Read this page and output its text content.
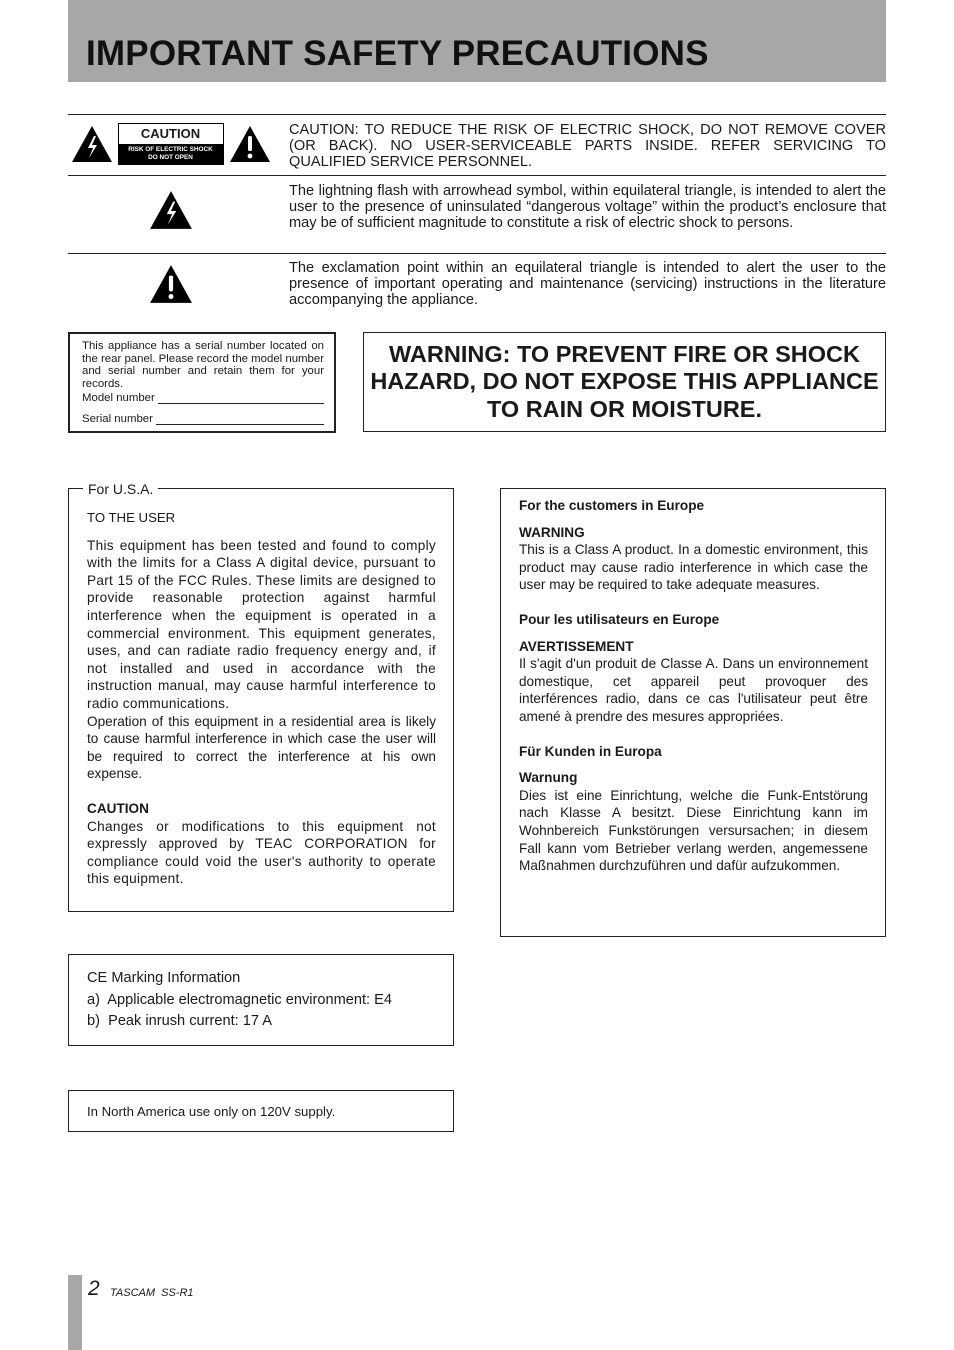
IMPORTANT SAFETY PRECAUTIONS
CAUTION
RISK OF ELECTRIC SHOCK
DO NOT OPEN

CAUTION: TO REDUCE THE RISK OF ELECTRIC SHOCK, DO NOT REMOVE COVER (OR BACK). NO USER-SERVICEABLE PARTS INSIDE. REFER SERVICING TO QUALIFIED SERVICE PERSONNEL.

The lightning flash with arrowhead symbol, within equilateral triangle, is intended to alert the user to the presence of uninsulated “dangerous voltage” within the product’s enclosure that may be of sufficient magnitude to constitute a risk of electric shock to persons.

The exclamation point within an equilateral triangle is intended to alert the user to the presence of important operating and maintenance (servicing) instructions in the literature accompanying the appliance.

This appliance has a serial number located on the rear panel. Please record the model number and serial number and retain them for your records.

Model number
Serial number

WARNING: TO PREVENT FIRE OR SHOCK HAZARD, DO NOT EXPOSE THIS APPLIANCE TO RAIN OR MOISTURE.

For U.S.A.

TO THE USER

This equipment has been tested and found to comply with the limits for a Class A digital device, pursuant to Part 15 of the FCC Rules. These limits are designed to provide reasonable protection against harmful interference when the equipment is operated in a commercial environment. This equipment generates, uses, and can radiate radio frequency energy and, if not installed and used in accordance with the instruction manual, may cause harmful interference to radio communications.

Operation of this equipment in a residential area is likely to cause harmful interference in which case the user will be required to correct the interference at his own expense.

CAUTION

Changes or modifications to this equipment not expressly approved by TEAC CORPORATION for compliance could void the user's authority to operate this equipment.

For the customers in Europe

WARNING

This is a Class A product. In a domestic environment, this product may cause radio interference in which case the user may be required to take adequate measures.

Pour les utilisateurs en Europe

AVERTISSEMENT

Il s'agit d'un produit de Classe A. Dans un environnement domestique, cet appareil peut provoquer des interférences radio, dans ce cas l'utilisateur peut être amené à prendre des mesures appropriées.

Für Kunden in Europa

Warnung

Dies ist eine Einrichtung, welche die Funk-Entstörung nach Klasse A besitzt. Diese Einrichtung kann im Wohnbereich Funkstörungen versursachen; in diesem Fall kann vom Betrieber verlang werden, angemessene Maßnahmen durchzuführen und dafür aufzukommen.

CE Marking Information
a)  Applicable electromagnetic environment: E4
b)  Peak inrush current: 17 A

In North America use only on 120V supply.

2 TASCAM  SS-R1
